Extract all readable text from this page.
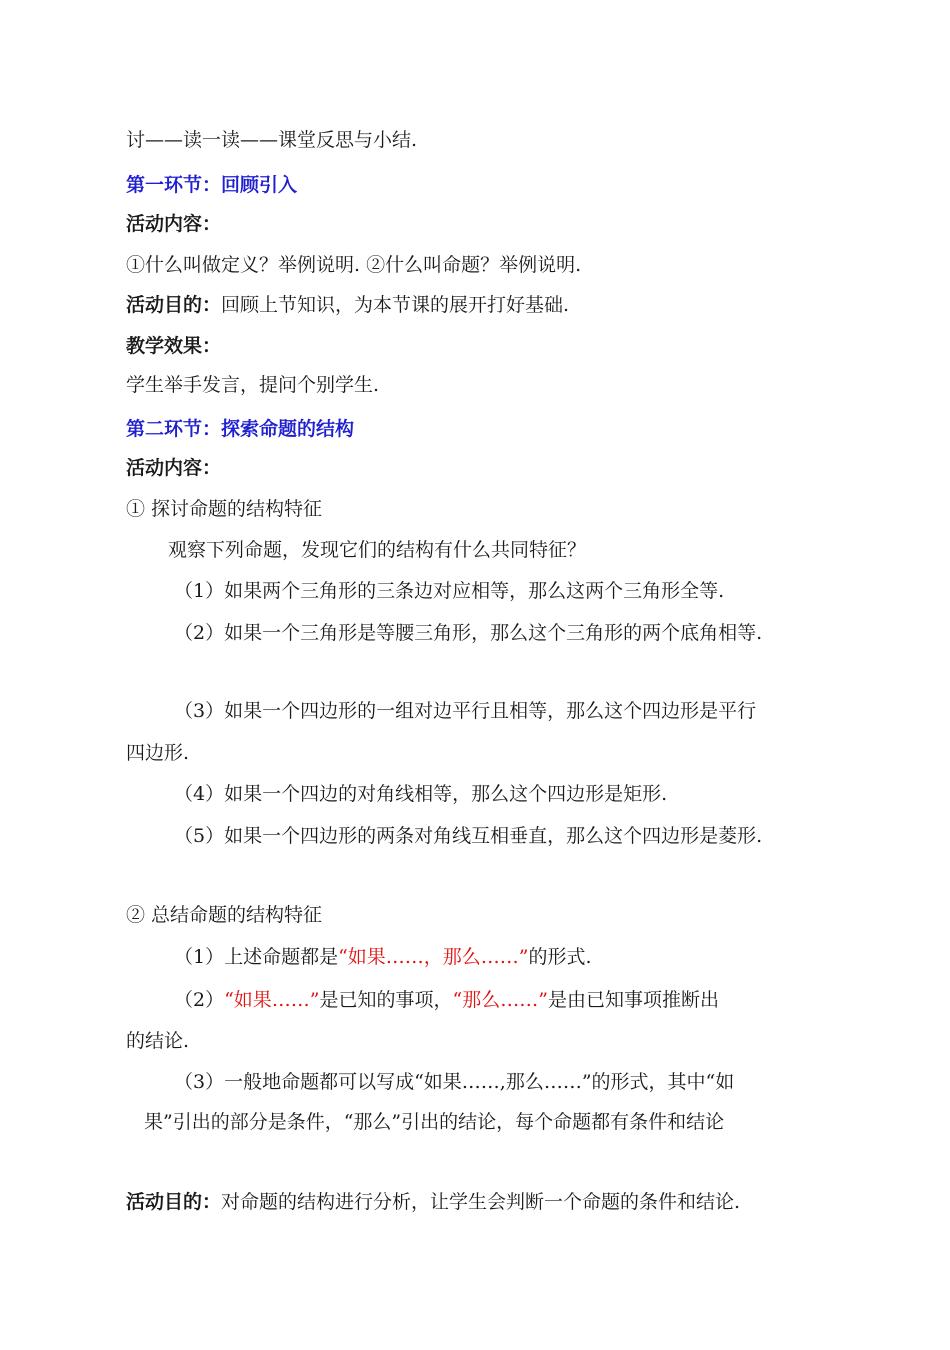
讨——读一读——课堂反思与小结.
第一环节：回顾引入
活动内容：
①什么叫做定义？举例说明. ②什么叫命题？举例说明.
活动目的：回顾上节知识，为本节课的展开打好基础.
教学效果：
学生举手发言，提问个别学生.
第二环节：探索命题的结构
活动内容：
① 探讨命题的结构特征
观察下列命题，发现它们的结构有什么共同特征？
（1）如果两个三角形的三条边对应相等，那么这两个三角形全等.
（2）如果一个三角形是等腰三角形，那么这个三角形的两个底角相等.
（3）如果一个四边形的一组对边平行且相等，那么这个四边形是平行
四边形.
（4）如果一个四边的对角线相等，那么这个四边形是矩形.
（5）如果一个四边形的两条对角线互相垂直，那么这个四边形是菱形.
② 总结命题的结构特征
（1）上述命题都是“如果……，那么……”的形式.
（2）“如果……”是已知的事项，“那么……”是由已知事项推断出
的结论.
（3）一般地命题都可以写成“如果……,那么……”的形式，其中“如
果”引出的部分是条件，“那么”引出的结论，每个命题都有条件和结论
活动目的：对命题的结构进行分析，让学生会判断一个命题的条件和结论.
